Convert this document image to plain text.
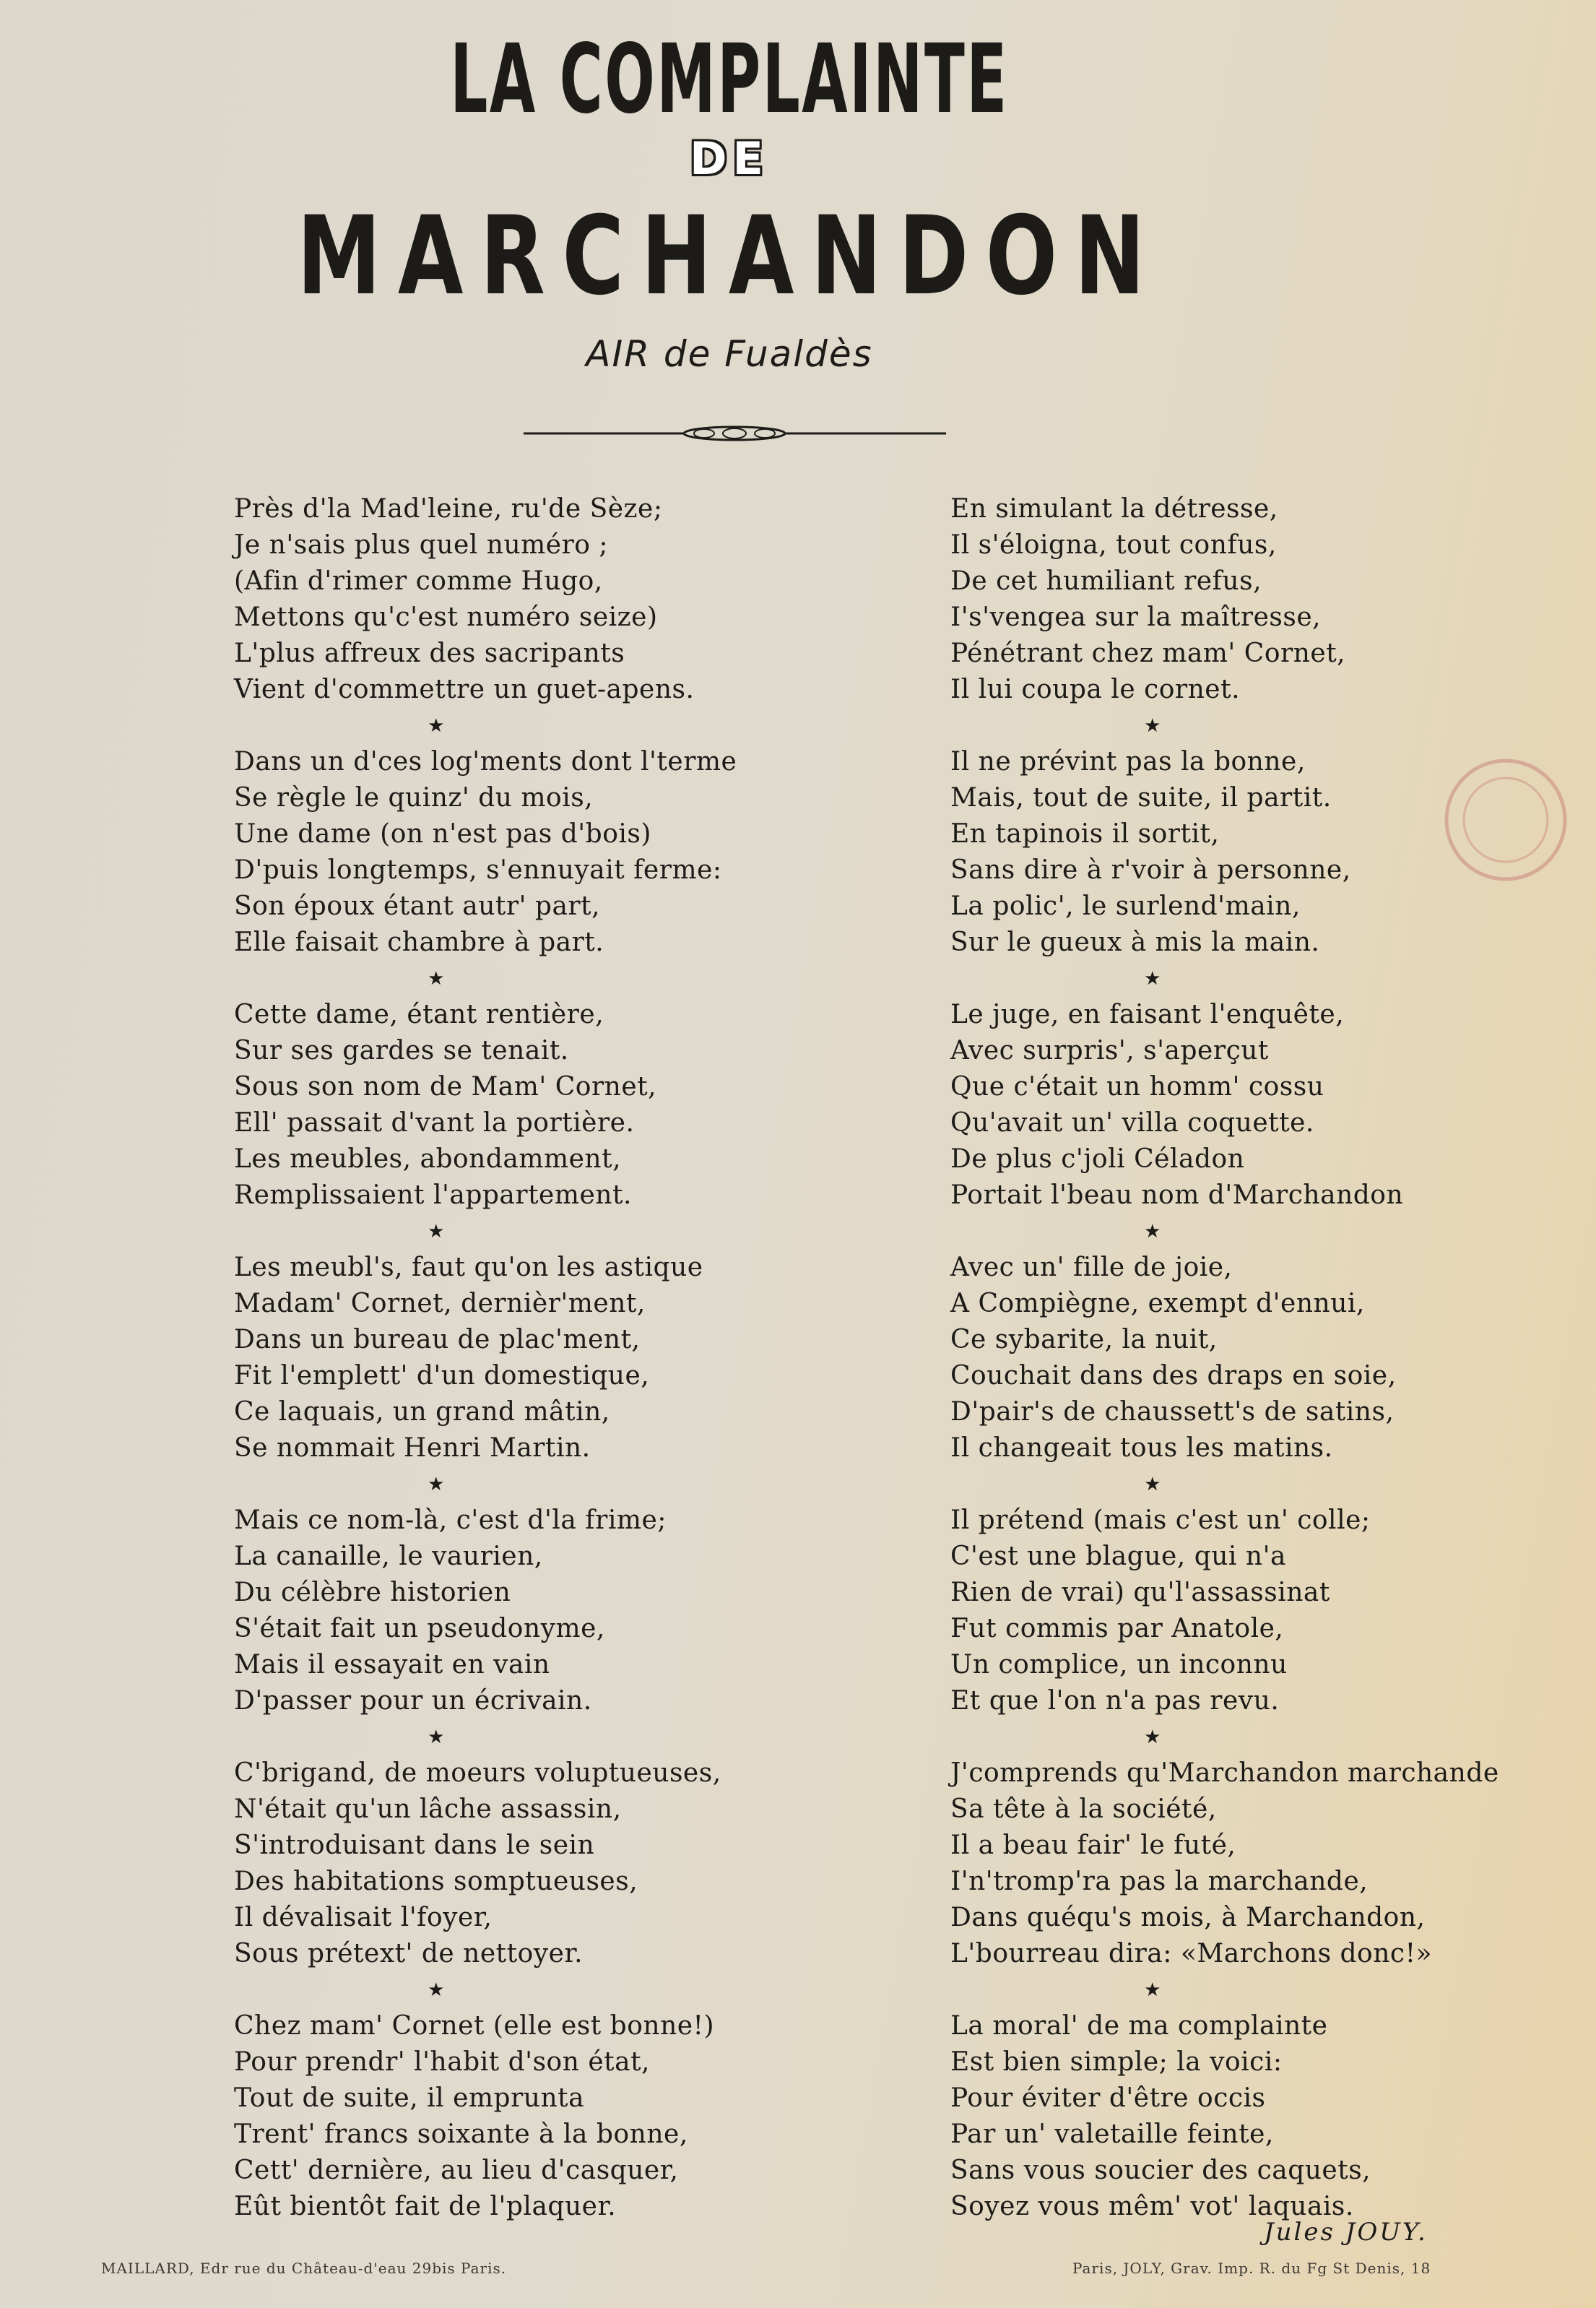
LA COMPLAINTE
DE
MARCHANDON
AIR de Fualdès
Près d'la Mad'leine, ru'de Sèze;
Je n'sais plus quel numéro ;
(Afin d'rimer comme Hugo,
Mettons qu'c'est numéro seize)
L'plus affreux des sacripants
Vient d'commettre un guet-apens.
★
Dans un d'ces log'ments dont l'terme
Se règle le quinz' du mois,
Une dame (on n'est pas d'bois)
D'puis longtemps, s'ennuyait ferme:
Son époux étant autr' part,
Elle faisait chambre à part.
★
Cette dame, étant rentière,
Sur ses gardes se tenait.
Sous son nom de Mam' Cornet,
Ell' passait d'vant la portière.
Les meubles, abondamment,
Remplissaient l'appartement.
★
Les meubl's, faut qu'on les astique
Madam' Cornet, dernièr'ment,
Dans un bureau de plac'ment,
Fit l'emplett' d'un domestique,
Ce laquais, un grand mâtin,
Se nommait Henri Martin.
★
Mais ce nom-là, c'est d'la frime;
La canaille, le vaurien,
Du célèbre historien
S'était fait un pseudonyme,
Mais il essayait en vain
D'passer pour un écrivain.
★
C'brigand, de moeurs voluptueuses,
N'était qu'un lâche assassin,
S'introduisant dans le sein
Des habitations somptueuses,
Il dévalisait l'foyer,
Sous prétext' de nettoyer.
★
Chez mam' Cornet (elle est bonne!)
Pour prendr' l'habit d'son état,
Tout de suite, il emprunta
Trent' francs soixante à la bonne,
Cett' dernière, au lieu d'casquer,
Eût bientôt fait de l'plaquer.
En simulant la détresse,
Il s'éloigna, tout confus,
De cet humiliant refus,
I's'vengea sur la maîtresse,
Pénétrant chez mam' Cornet,
Il lui coupa le cornet.
★
Il ne prévint pas la bonne,
Mais, tout de suite, il partit.
En tapinois il sortit,
Sans dire à r'voir à personne,
La polic', le surlend'main,
Sur le gueux à mis la main.
★
Le juge, en faisant l'enquête,
Avec surpris', s'aperçut
Que c'était un homm' cossu
Qu'avait un' villa coquette.
De plus c'joli Céladon
Portait l'beau nom d'Marchandon
★
Avec un' fille de joie,
A Compiègne, exempt d'ennui,
Ce sybarite, la nuit,
Couchait dans des draps en soie,
D'pair's de chaussett's de satins,
Il changeait tous les matins.
★
Il prétend (mais c'est un' colle;
C'est une blague, qui n'a
Rien de vrai) qu'l'assassinat
Fut commis par Anatole,
Un complice, un inconnu
Et que l'on n'a pas revu.
★
J'comprends qu'Marchandon marchande
Sa tête à la société,
Il a beau fair' le futé,
I'n'tromp'ra pas la marchande,
Dans quéqu's mois, à Marchandon,
L'bourreau dira: «Marchons donc!»
★
La moral' de ma complainte
Est bien simple; la voici:
Pour éviter d'être occis
Par un' valetaille feinte,
Sans vous soucier des caquets,
Soyez vous mêm' vot' laquais.
Jules JOUY.
MAILLARD, Edr rue du Château-d'eau 29bis Paris.	Paris, JOLY, Grav. Imp. R. du Fg St Denis, 18
